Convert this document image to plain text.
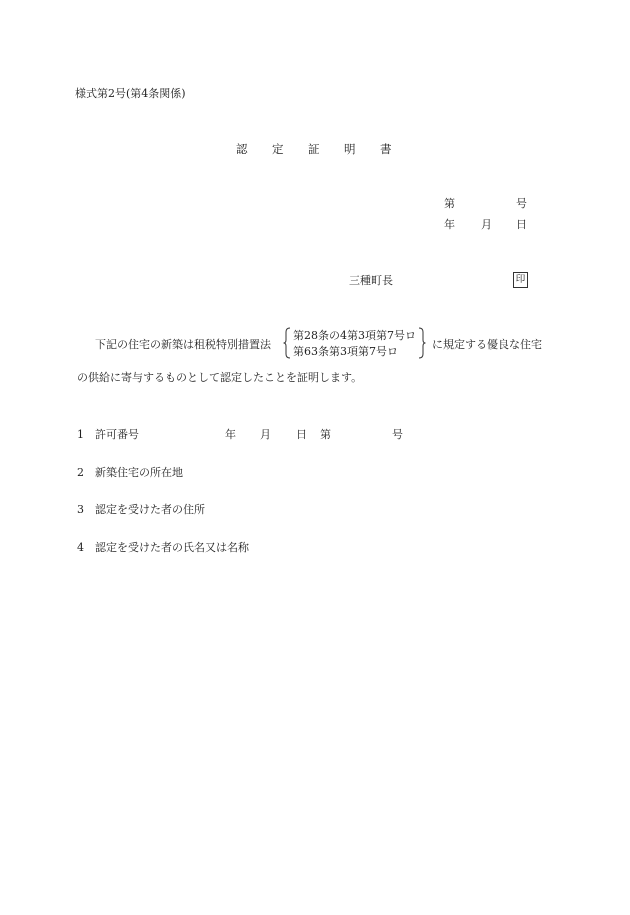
様式第2号(第4条関係)
認 定 証 明 書
第	号
年 月 日
三種町長	印
下記の住宅の新築は租税特別措置法
第28条の4第3項第7号ロ
第63条第3項第7号ロ
に規定する優良な住宅
の供給に寄与するものとして認定したことを証明します。
1 許可番号	年 月 日 第	号
2 新築住宅の所在地
3 認定を受けた者の住所
4 認定を受けた者の氏名又は名称
